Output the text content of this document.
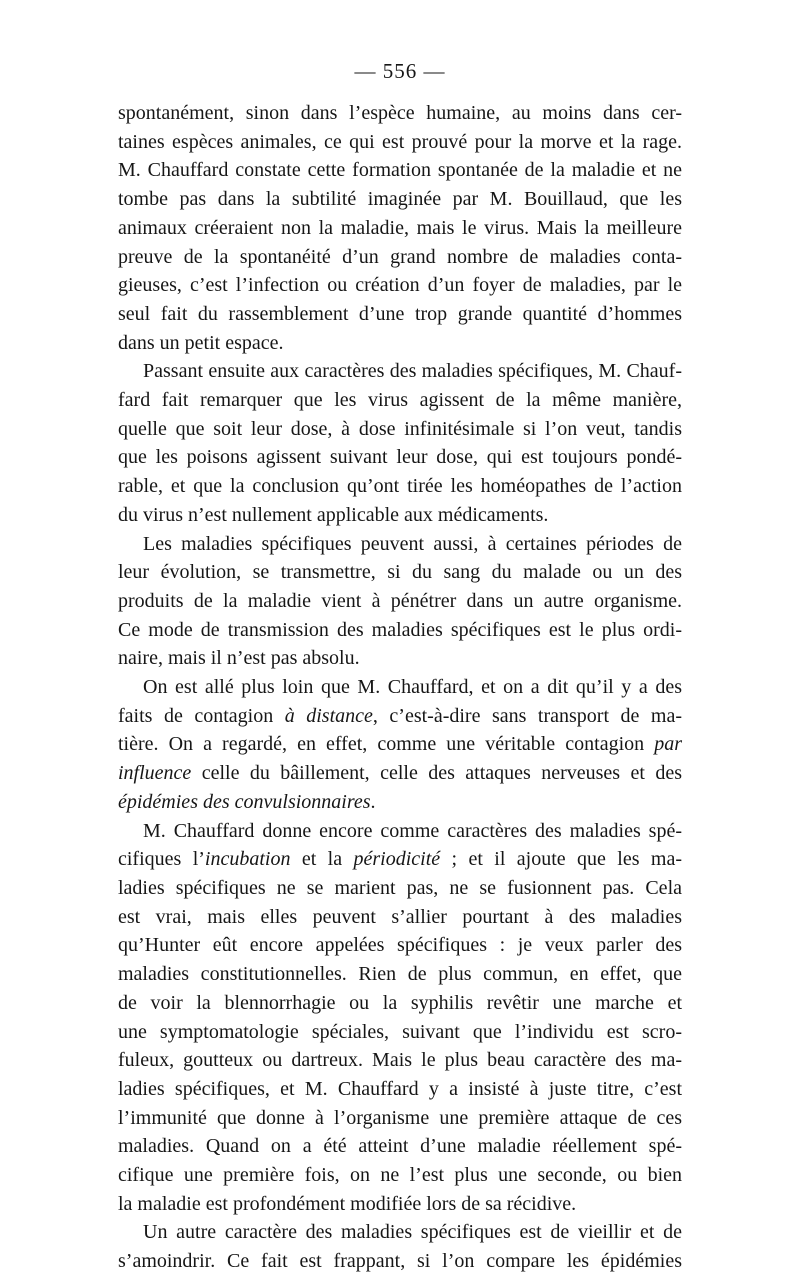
— 556 —

spontanément, sinon dans l’espèce humaine, au moins dans cer-
taines espèces animales, ce qui est prouvé pour la morve et la rage.
M. Chauffard constate cette formation spontanée de la maladie et ne
tombe pas dans la subtilité imaginée par M. Bouillaud, que les
animaux créeraient non la maladie, mais le virus. Mais la meilleure
preuve de la spontanéité d’un grand nombre de maladies conta-
gieuses, c’est l’infection ou création d’un foyer de maladies, par le
seul fait du rassemblement d’une trop grande quantité d’hommes
dans un petit espace.

Passant ensuite aux caractères des maladies spécifiques, M. Chauf-
fard fait remarquer que les virus agissent de la même manière,
quelle que soit leur dose, à dose infinitésimale si l’on veut, tandis
que les poisons agissent suivant leur dose, qui est toujours pondé-
rable, et que la conclusion qu’ont tirée les homéopathes de l’action
du virus n’est nullement applicable aux médicaments.

Les maladies spécifiques peuvent aussi, à certaines périodes de
leur évolution, se transmettre, si du sang du malade ou un des
produits de la maladie vient à pénétrer dans un autre organisme.
Ce mode de transmission des maladies spécifiques est le plus ordi-
naire, mais il n’est pas absolu.

On est allé plus loin que M. Chauffard, et on a dit qu’il y a des
faits de contagion à distance, c’est-à-dire sans transport de ma-
tière. On a regardé, en effet, comme une véritable contagion par
influence celle du bâillement, celle des attaques nerveuses et des
épidémies des convulsionnaires.

M. Chauffard donne encore comme caractères des maladies spé-
cifiques l’incubation et la périodicité ; et il ajoute que les ma-
ladies spécifiques ne se marient pas, ne se fusionnent pas. Cela
est vrai, mais elles peuvent s’allier pourtant à des maladies
qu’Hunter eût encore appelées spécifiques : je veux parler des
maladies constitutionnelles. Rien de plus commun, en effet, que
de voir la blennorrhagie ou la syphilis revêtir une marche et
une symptomatologie spéciales, suivant que l’individu est scro-
fuleux, goutteux ou dartreux. Mais le plus beau caractère des ma-
ladies spécifiques, et M. Chauffard y a insisté à juste titre, c’est
l’immunité que donne à l’organisme une première attaque de ces
maladies. Quand on a été atteint d’une maladie réellement spé-
cifique une première fois, on ne l’est plus une seconde, ou bien
la maladie est profondément modifiée lors de sa récidive.

Un autre caractère des maladies spécifiques est de vieillir et de
s’amoindrir. Ce fait est frappant, si l’on compare les épidémies
